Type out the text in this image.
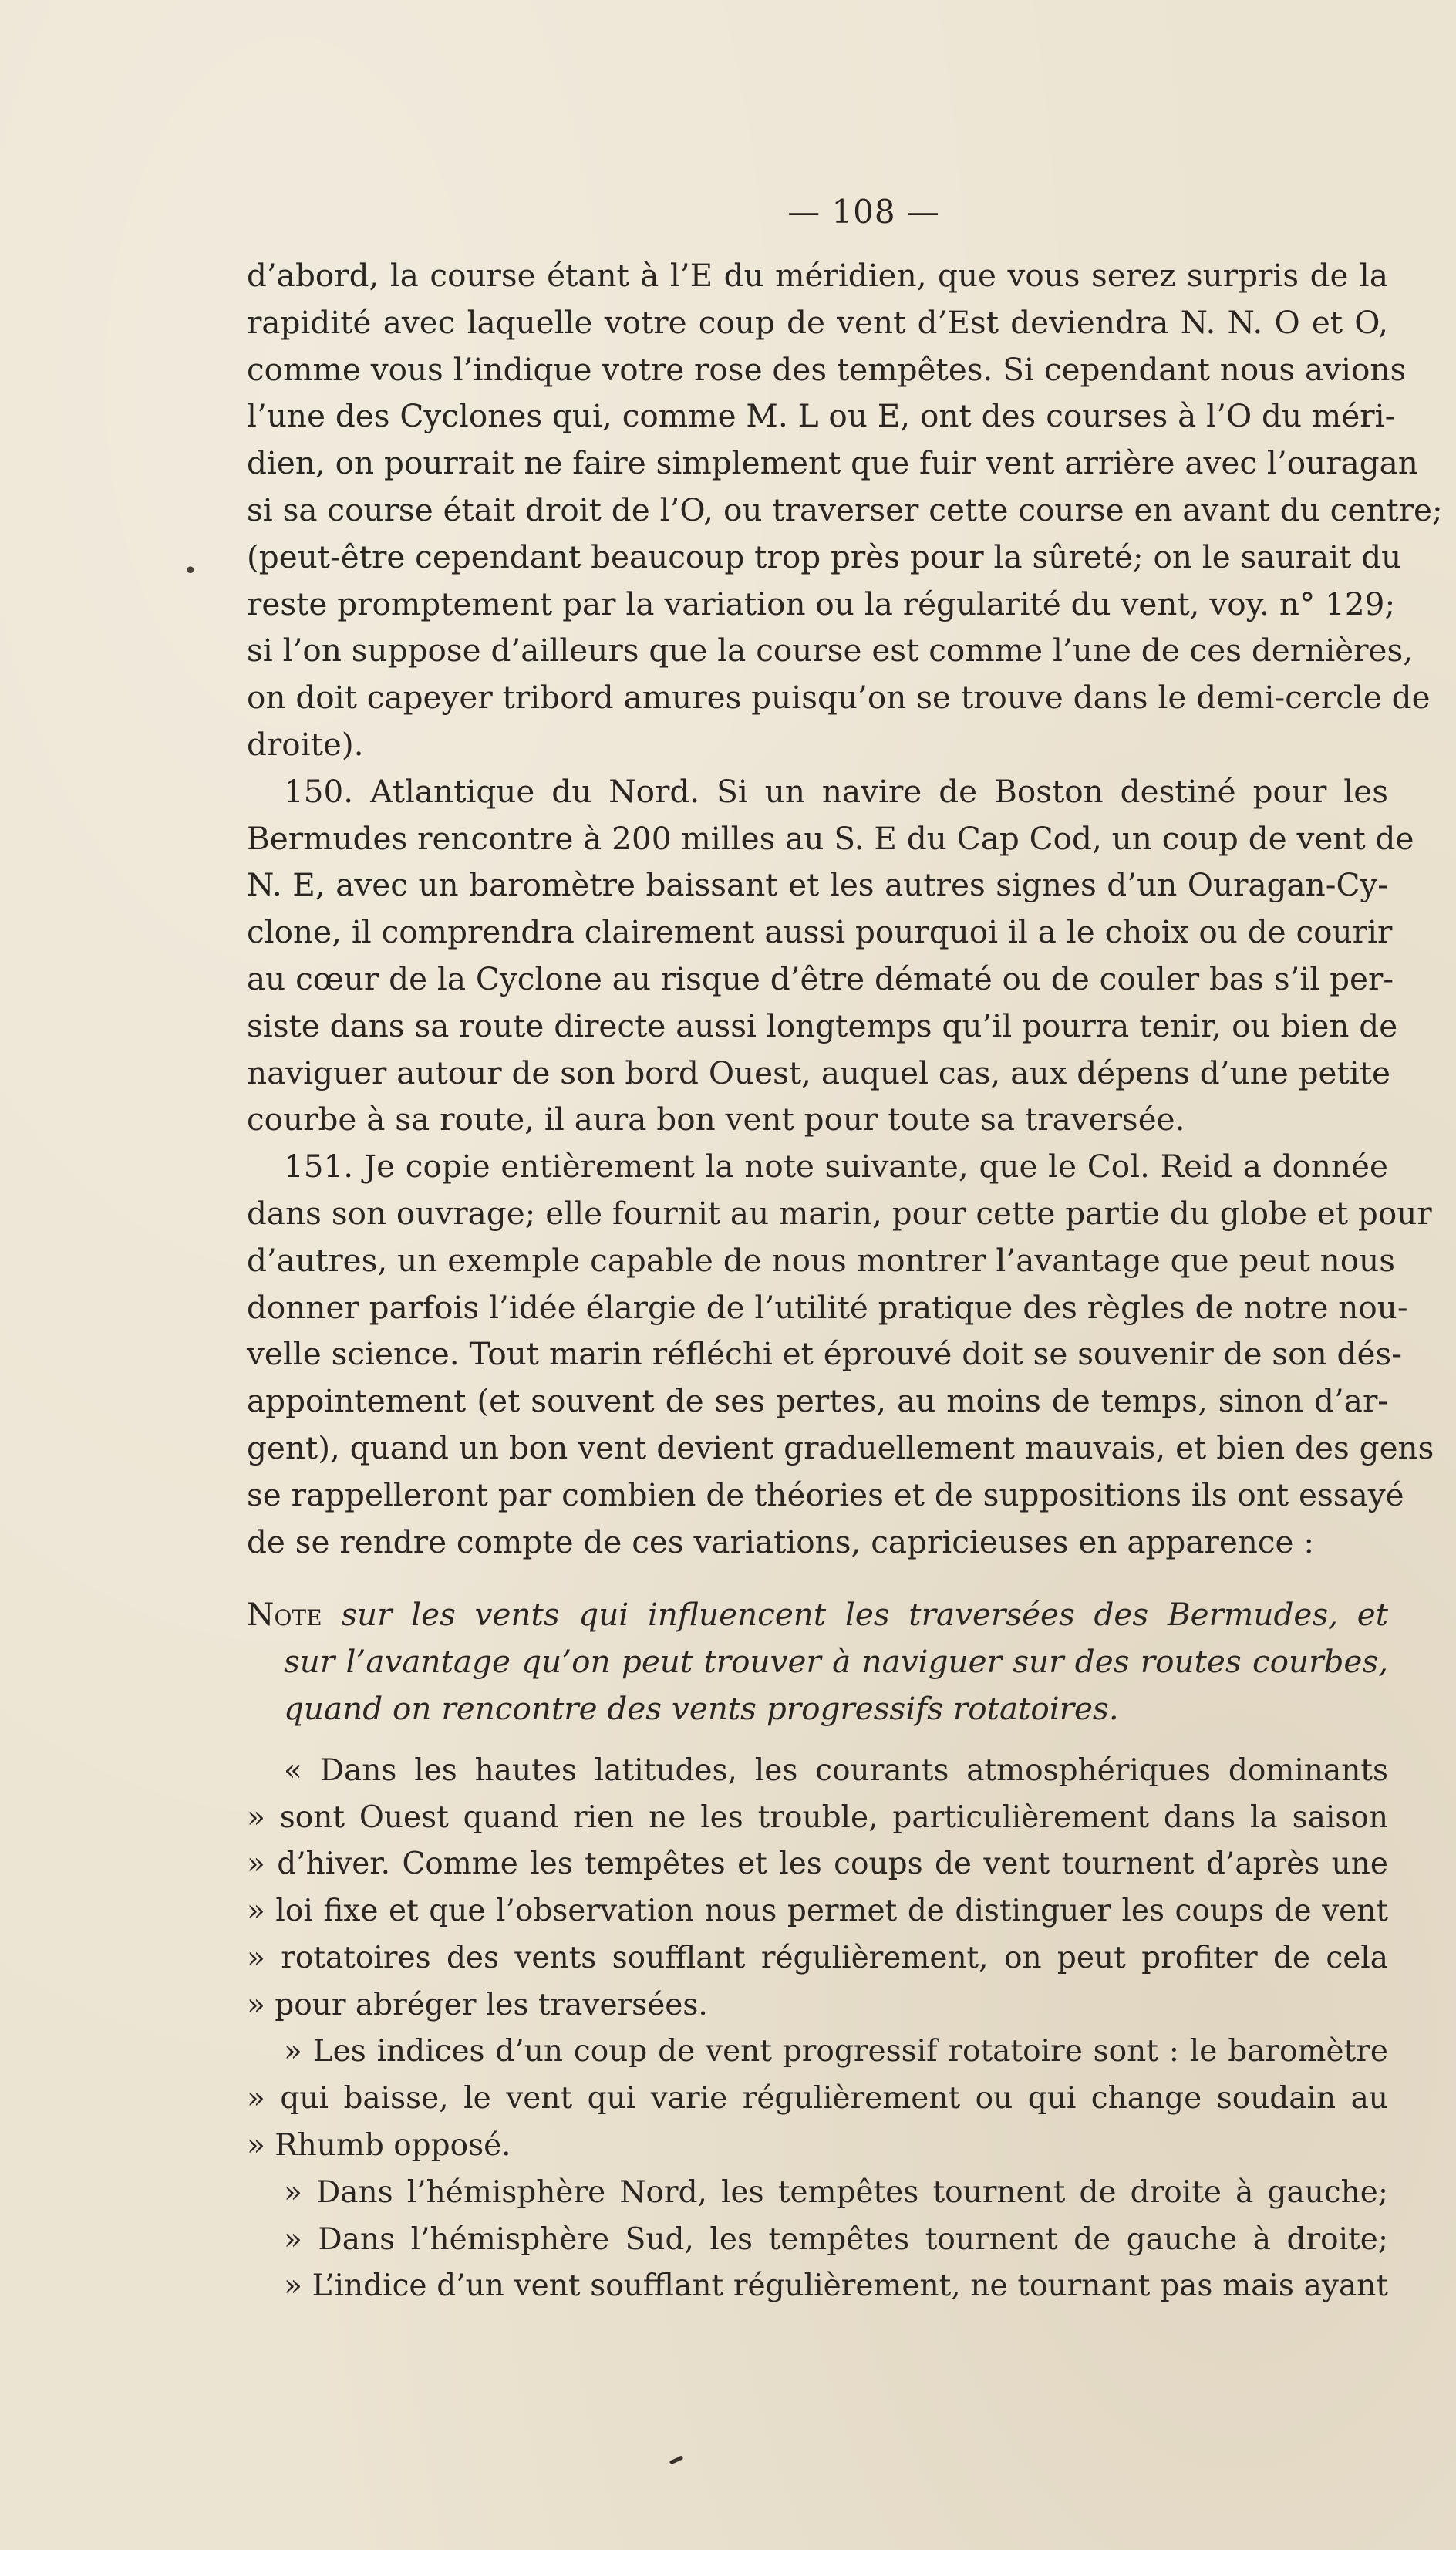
•
— 108 —
d’abord, la course étant à l’E du méridien, que vous serez surpris de la
rapidité avec laquelle votre coup de vent d’Est deviendra N. N. O et O,
comme vous l’indique votre rose des tempêtes. Si cependant nous avions
l’une des Cyclones qui, comme M. L ou E, ont des courses à l’O du méri-
dien, on pourrait ne faire simplement que fuir vent arrière avec l’ouragan
si sa course était droit de l’O, ou traverser cette course en avant du centre;
(peut-être cependant beaucoup trop près pour la sûreté; on le saurait du
reste promptement par la variation ou la régularité du vent, voy. n° 129;
si l’on suppose d’ailleurs que la course est comme l’une de ces dernières,
on doit capeyer tribord amures puisqu’on se trouve dans le demi-cercle de
droite).
150. Atlantique du Nord. Si un navire de Boston destiné pour les
Bermudes rencontre à 200 milles au S. E du Cap Cod, un coup de vent de
N. E, avec un baromètre baissant et les autres signes d’un Ouragan-Cy-
clone, il comprendra clairement aussi pourquoi il a le choix ou de courir
au cœur de la Cyclone au risque d’être dématé ou de couler bas s’il per-
siste dans sa route directe aussi longtemps qu’il pourra tenir, ou bien de
naviguer autour de son bord Ouest, auquel cas, aux dépens d’une petite
courbe à sa route, il aura bon vent pour toute sa traversée.
151. Je copie entièrement la note suivante, que le Col. Reid a donnée
dans son ouvrage; elle fournit au marin, pour cette partie du globe et pour
d’autres, un exemple capable de nous montrer l’avantage que peut nous
donner parfois l’idée élargie de l’utilité pratique des règles de notre nou-
velle science. Tout marin réfléchi et éprouvé doit se souvenir de son dés-
appointement (et souvent de ses pertes, au moins de temps, sinon d’ar-
gent), quand un bon vent devient graduellement mauvais, et bien des gens
se rappelleront par combien de théories et de suppositions ils ont essayé
de se rendre compte de ces variations, capricieuses en apparence :
Note sur les vents qui influencent les traversées des Bermudes, et
sur l’avantage qu’on peut trouver à naviguer sur des routes courbes,
quand on rencontre des vents progressifs rotatoires.
« Dans les hautes latitudes, les courants atmosphériques dominants
» sont Ouest quand rien ne les trouble, particulièrement dans la saison
» d’hiver. Comme les tempêtes et les coups de vent tournent d’après une
» loi fixe et que l’observation nous permet de distinguer les coups de vent
» rotatoires des vents soufflant régulièrement, on peut profiter de cela
» pour abréger les traversées.
» Les indices d’un coup de vent progressif rotatoire sont : le baromètre
» qui baisse, le vent qui varie régulièrement ou qui change soudain au
» Rhumb opposé.
» Dans l’hémisphère Nord, les tempêtes tournent de droite à gauche;
» Dans l’hémisphère Sud, les tempêtes tournent de gauche à droite;
» L’indice d’un vent soufflant régulièrement, ne tournant pas mais ayant
